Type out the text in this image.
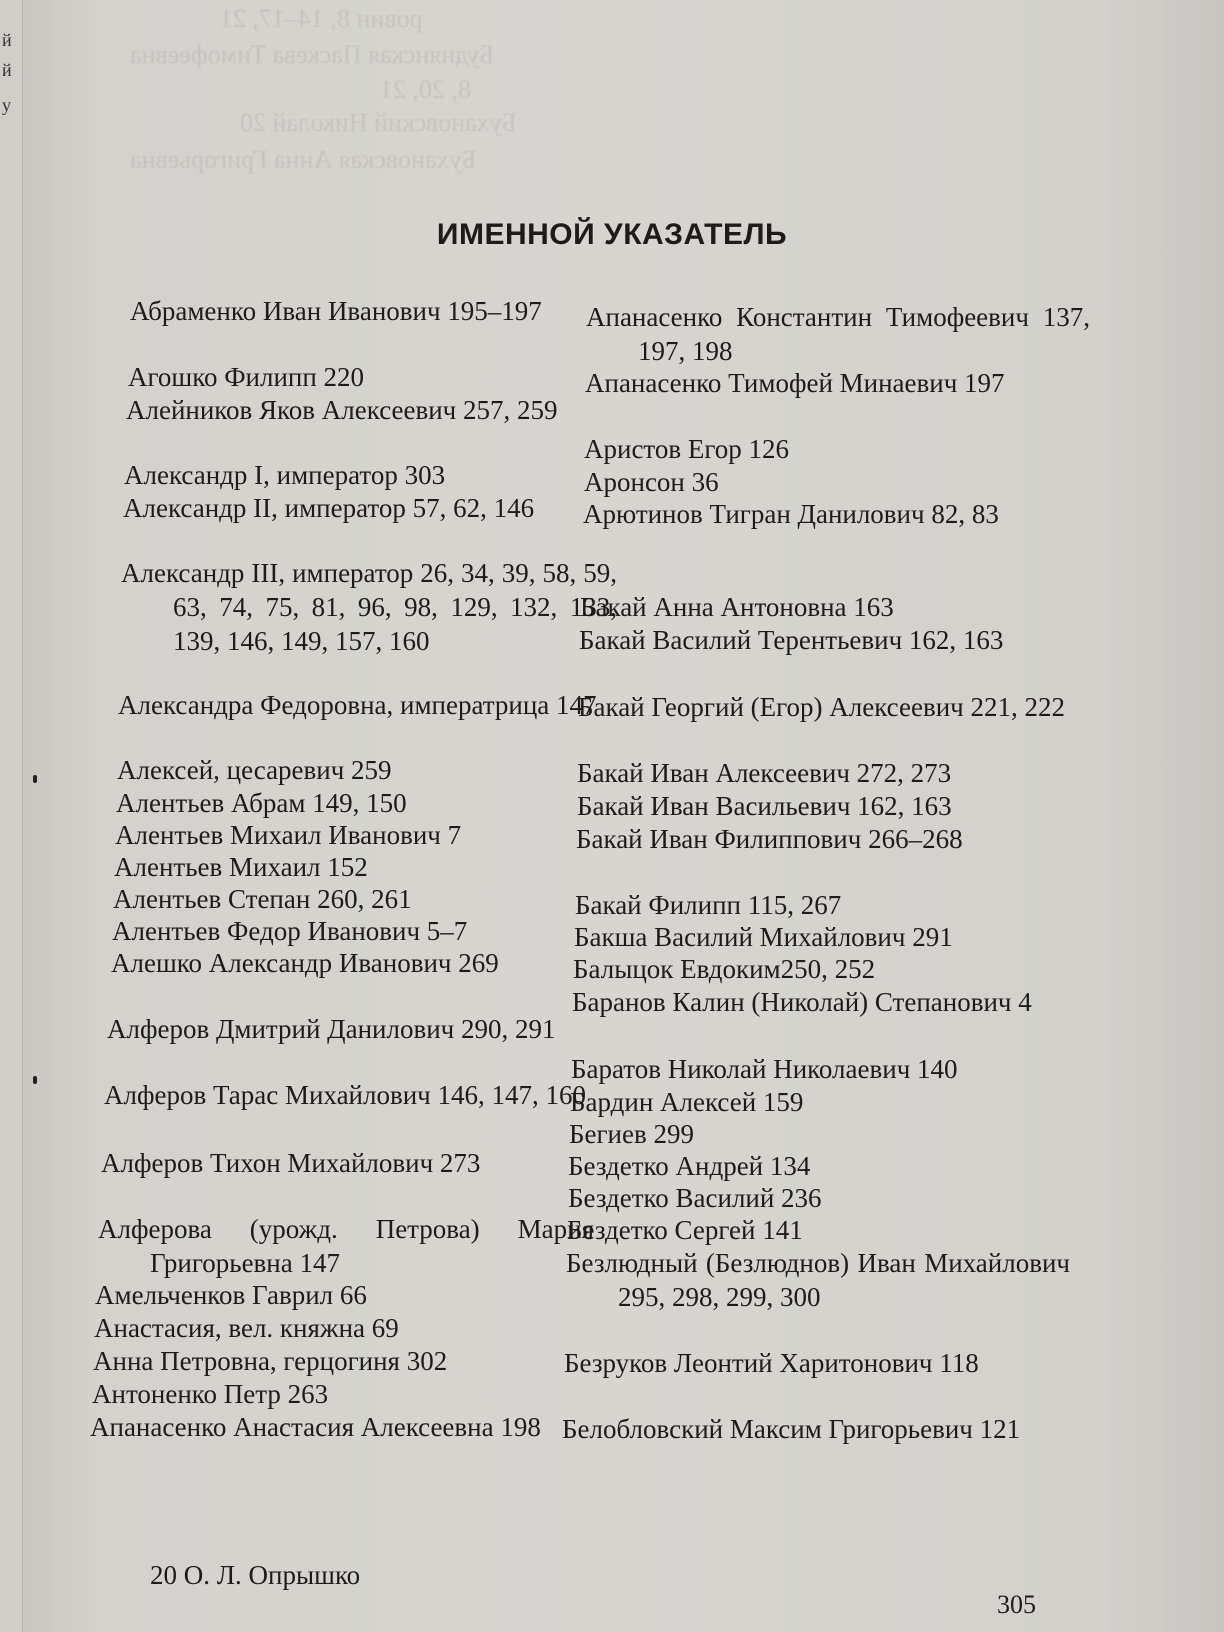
й
й
у
ровин 8, 14–17, 21
Буднянская Паскева Тимофеевна
8, 20, 21
Бухановский Николай 20
Бухановская Анна Григорьевна
ИМЕННОЙ УКАЗАТЕЛЬ
Абраменко Иван Иванович 195–197
Агошко Филипп 220
Алейников Яков Алексеевич 257, 259
Александр I, император 303
Александр II, император 57, 62, 146
Александр III, император 26, 34, 39, 58, 59, 63, 74, 75, 81, 96, 98, 129, 132, 133, 139, 146, 149, 157, 160
Александра Федоровна, императрица 147
Алексей, цесаревич 259
Алентьев Абрам 149, 150
Алентьев Михаил Иванович 7
Алентьев Михаил 152
Алентьев Степан 260, 261
Алентьев Федор Иванович 5–7
Алешко Александр Иванович 269
Алферов Дмитрий Данилович 290, 291
Алферов Тарас Михайлович 146, 147, 160
Алферов Тихон Михайлович 273
Алферова (урожд. Петрова) Мария Григорьевна 147
Амельченков Гаврил 66
Анастасия, вел. княжна 69
Анна Петровна, герцогиня 302
Антоненко Петр 263
Апанасенко Анастасия Алексеевна 198
Апанасенко Константин Тимофеевич 137, 197, 198
Апанасенко Тимофей Минаевич 197
Аристов Егор 126
Аронсон 36
Арютинов Тигран Данилович 82, 83
Бакай Анна Антоновна 163
Бакай Василий Терентьевич 162, 163
Бакай Георгий (Егор) Алексеевич 221, 222
Бакай Иван Алексеевич 272, 273
Бакай Иван Васильевич 162, 163
Бакай Иван Филиппович 266–268
Бакай Филипп 115, 267
Бакша Василий Михайлович 291
Балыцок Евдоким250, 252
Баранов Калин (Николай) Степанович 4
Баратов Николай Николаевич 140
Бардин Алексей 159
Бегиев 299
Бездетко Андрей 134
Бездетко Василий 236
Бездетко Сергей 141
Безлюдный (Безлюднов) Иван Михайлович 295, 298, 299, 300
Безруков Леонтий Харитонович 118
Белобловский Максим Григорьевич 121
20 О. Л. Опрышко
305
